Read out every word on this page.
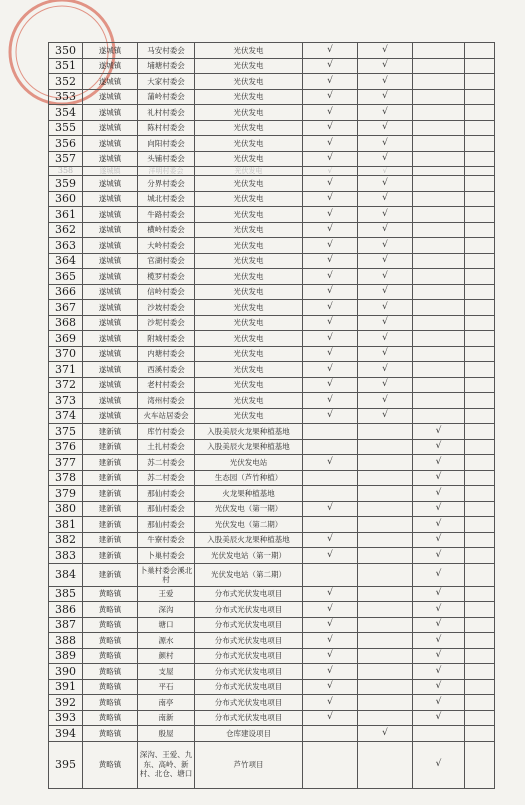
350	遂城镇	马安村委会	光伏发电	√	√		
351	遂城镇	埔塘村委会	光伏发电	√	√		
352	遂城镇	大家村委会	光伏发电	√	√		
353	遂城镇	蒲岭村委会	光伏发电	√	√		
354	遂城镇	礼村村委会	光伏发电	√	√		
355	遂城镇	陈村村委会	光伏发电	√	√		
356	遂城镇	向阳村委会	光伏发电	√	√		
357	遂城镇	头铺村委会	光伏发电	√	√		
358	遂城镇	洋明村委会	光伏发电	√	√		
359	遂城镇	分界村委会	光伏发电	√	√		
360	遂城镇	城北村委会	光伏发电	√	√		
361	遂城镇	牛路村委会	光伏发电	√	√		
362	遂城镇	横岭村委会	光伏发电	√	√		
363	遂城镇	大岭村委会	光伏发电	√	√		
364	遂城镇	官湖村委会	光伏发电	√	√		
365	遂城镇	榄罗村委会	光伏发电	√	√		
366	遂城镇	信岭村委会	光伏发电	√	√		
367	遂城镇	沙坡村委会	光伏发电	√	√		
368	遂城镇	沙坭村委会	光伏发电	√	√		
369	遂城镇	附城村委会	光伏发电	√	√		
370	遂城镇	内塘村委会	光伏发电	√	√		
371	遂城镇	西溪村委会	光伏发电	√	√		
372	遂城镇	老村村委会	光伏发电	√	√		
373	遂城镇	湾州村委会	光伏发电	√	√		
374	遂城镇	火车站居委会	光伏发电	√	√		
375	建新镇	库竹村委会	入股美辰火龙果种植基地			√	
376	建新镇	土扎村委会	入股美辰火龙果种植基地			√	
377	建新镇	苏二村委会	光伏发电站	√		√	
378	建新镇	苏二村委会	生态园（芦竹种植）			√	
379	建新镇	那仙村委会	火龙果种植基地			√	
380	建新镇	那仙村委会	光伏发电（第一期）	√		√	
381	建新镇	那仙村委会	光伏发电（第二期）			√	
382	建新镇	牛寮村委会	入股美辰火龙果种植基地	√		√	
383	建新镇	卜巢村委会	光伏发电站（第一期）	√		√	
384	建新镇	卜巢村委会溪北村	光伏发电站（第二期）			√	
385	黄略镇	王爱	分布式光伏发电项目	√		√	
386	黄略镇	深沟	分布式光伏发电项目	√		√	
387	黄略镇	塘口	分布式光伏发电项目	√		√	
388	黄略镇	源水	分布式光伏发电项目	√		√	
389	黄略镇	颜村	分布式光伏发电项目	√		√	
390	黄略镇	支屋	分布式光伏发电项目	√		√	
391	黄略镇	平石	分布式光伏发电项目	√		√	
392	黄略镇	南亭	分布式光伏发电项目	√		√	
393	黄略镇	南新	分布式光伏发电项目	√		√	
394	黄略镇	殷屋	仓库建设项目		√		
395	黄略镇	深沟、王爱、九东、高岭、新村、北仓、塘口	芦竹项目			√	
